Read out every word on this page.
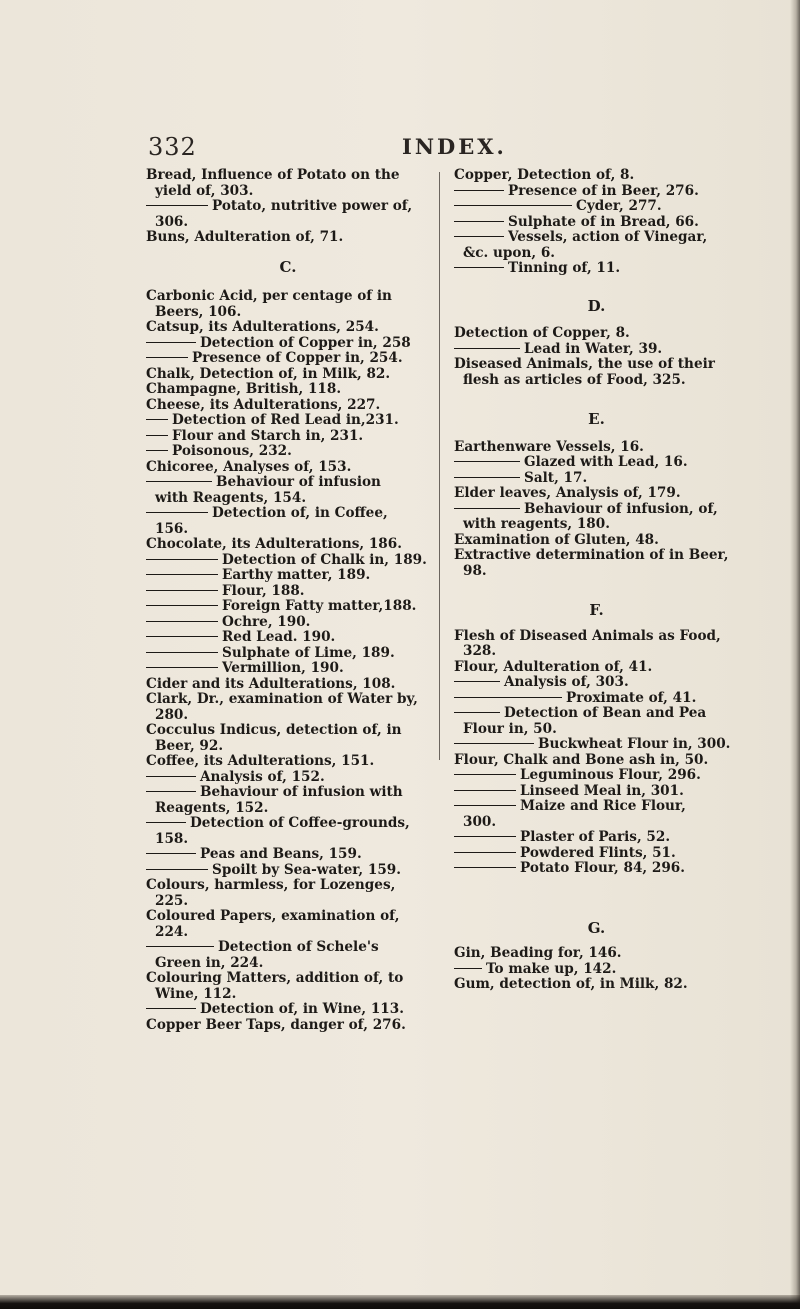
332	INDEX.

Bread, Influence of Potato on the yield of, 303.

Potato, nutritive power of,

306.

Buns, Adulteration of, 71.

C.

Carbonic Acid, per centage of in Beers, 106.

Catsup, its Adulterations, 254.

Detection of Copper in, 258

Presence of Copper in, 254.

Chalk, Detection of, in Milk, 82.

Champagne, British, 118.

Cheese, its Adulterations, 227.

Detection of Red Lead in,231.

Flour and Starch in, 231.

Poisonous, 232.

Chicoree, Analyses of, 153.

Behaviour of infusion

with Reagents, 154.

Detection of, in Coffee,

156.

Chocolate, its Adulterations, 186.

Detection of Chalk in, 189.

Earthy matter, 189.

Flour, 188.

Foreign Fatty matter,188.

Ochre, 190.

Red Lead. 190.

Sulphate of Lime, 189.

Vermillion, 190.

Cider and its Adulterations, 108.

Clark, Dr., examination of Water by, 280.

Cocculus Indicus, detection of, in Beer, 92.

Coffee, its Adulterations, 151.

Analysis of, 152.

Behaviour of infusion with

Reagents, 152.

Detection of Coffee-grounds,

158.

Peas and Beans, 159.

Spoilt by Sea-water, 159.

Colours, harmless, for Lozenges, 225.

Coloured Papers, examination of, 224.

Detection of Schele's

Green in, 224.

Colouring Matters, addition of, to Wine, 112.

Detection of, in Wine, 113.

Copper Beer Taps, danger of, 276.

Copper, Detection of, 8.

Presence of in Beer, 276.

Cyder, 277.

Sulphate of in Bread, 66.

Vessels, action of Vinegar,

&c. upon, 6.

Tinning of, 11.

D.

Detection of Copper, 8.

Lead in Water, 39.

Diseased Animals, the use of their flesh as articles of Food, 325.

E.

Earthenware Vessels, 16.

Glazed with Lead, 16.

Salt, 17.

Elder leaves, Analysis of, 179.

Behaviour of infusion, of,

with reagents, 180.

Examination of Gluten, 48.

Extractive determination of in Beer, 98.

F.

Flesh of Diseased Animals as Food, 328.

Flour, Adulteration of, 41.

Analysis of, 303.

Proximate of, 41.

Detection of Bean and Pea

Flour in, 50.

Buckwheat Flour in, 300.

Flour, Chalk and Bone ash in, 50.

Leguminous Flour, 296.

Linseed Meal in, 301.

Maize and Rice Flour,

300.

Plaster of Paris, 52.

Powdered Flints, 51.

Potato Flour, 84, 296.

G.

Gin, Beading for, 146.

To make up, 142.

Gum, detection of, in Milk, 82.
